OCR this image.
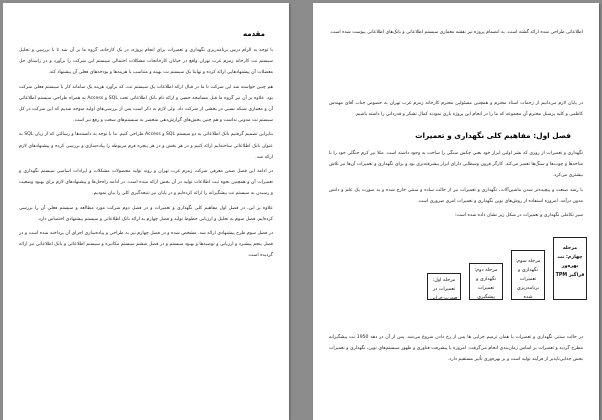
مقدمه

با توجه به الزام درس برنامه‌ریزی نگهداری و تعمیرات برای انجام پروژه، در یک کارخانه، گروه ما بر آن شد تا با بررسی و تحلیل سیستم نت کارخانه زمزم غرب تهران واقع در خیابان کارخانجات مشکلات احتمالی سیستم این شرکت را برآورد و در راستای حل معضلات آن پیشنهادهایی ارائه کرده و نهایتا یک سیستم نت بهینه و متناسب با هزینه‌ها و بودجه‌های فعلی آن پیشنهاد کند.

هم چنین خواسته شد این شرکت تا ما در قبال ارائه اطلاعات یک سیستم نت، که برآورد هزینه یک سامانه کار با سیستم فعلی شرکت بود. علاوه بر آن نیز گروه ما قبل مسامحه حسی و ارائه نام بانک اطلاعاتی تحت SQL و Access به همراه طراحی سیستم اطلاعاتی آن و معماری شبکه نسبی در بخشی از شرکت داد. ولی لازم به ذکر است پس از بررسی‌های اولیه متوجه شدیم که این شرکت در کل سیستم نت مدونی نداشت و هم چنین بخش‌های گزارش‌دهی منحصر به سیستم‌های سخت و رفع نیز است.

بنابراین تصمیم گرفتیم بانک اطلاعاتی به دو سیستم SQL و Access طراحی کنیم. ما با توجه به دانسته‌ها و رسالتی که از زبان SQL به عنوان بانک اطلاعاتی ساخته‌ایم ارائه کنیم و در هر بخش و در هر پنجره فرم مربوطه را پیاده‌سازی و بررسی کرده و پیشنهادهای لازم ارائه شد.

در ادامه این فصل ضمن معرفی شرکت زمزم غرب تهران و روند تولید محصولات مشکلات و ایرادات اساسی سیستم نگهداری و تعمیرات آن و همچنین نحوه ثبت اطلاعات تولید در آن بخش ارائه شده است. در ادامه راه‌حل‌ها و پیشنهادهای لازم برای بهبود وضعیت و رسیدن به سیستم نت پیشگیرانه را ارائه کرده‌ایم و در پایان نیز نتیجه‌گیری کلی را بیان نمودیم.

علاوه بر این، در فصل اول مفاهیم کلی نگهداری و تعمیرات و در فصل دوم شرکت مورد مطالعه و سیستم فعلی آن را بررسی کرده‌ایم. فصل سوم به تحلیل و ارزیابی خطوط تولید و فصل چهارم به ارائه بانک اطلاعاتی و سیستم پیشنهادی اختصاص دارد.

در فصل سوم طرح پیشنهادی ارائه شد. مشخص شده و در فصل چهارم نیز به طراحی و پیاده‌سازی اجزای آن پرداخته شده است و در فصل پنجم پیشبرد و ارزیابی و توصیه‌ها و بهبود سیستم و در فصل ششم سیستم مکانیزه و سیستم اطلاعاتی و بانک اطلاعاتی نیز ارائه گردیده است.

اطلاعاتی طراحی شده ارائه گشته است. به انضمام پروژه نیز نقشه معماری سیستم اطلاعاتی و بانک‌های اطلاعاتی پیوست شده است.

در پایان لازم می‌دانیم از زحمات استاد محترم و همچنین مسئولین محترم کارخانه زمزم غرب تهران به خصوص جناب آقای مهندس کاظمی و کلیه پرسنل محترم آن مجموعه که ما را در انجام این پروژه یاری نمودند کمال تشکر و قدردانی را داشته باشیم.

فصل اول: مفاهیم کلی نگهداری و تعمیرات

نگهداری و تعمیرات از روزی که بشر اولین ابزار خود یعنی چکش سنگی را ساخت به وجود داشته است. مثلا نیز کرم جنگلی خود را با شاخه‌ها و چوب‌ها و سنگ‌ها تعمیر می‌کند. کارگر قرون وسطایی دارای ابزار پیشرفته‌تری بود و برای نگهداری و تعمیرات آن‌ها نیز تلاش بیشتری می‌کرد.

با رشد صنعت و پیچیده‌تر شدن ماشین‌آلات، نگهداری و تعمیرات نیز از حالت ساده و سنتی خارج شده و به صورت یک علم و دانش مدون درآمد. امروزه استفاده از روش‌های نوین نگهداری و تعمیرات امری ضروری است.

سیر تکاملی نگهداری و تعمیرات در شکل زیر نشان داده شده است:

مرحله چهارم: نت بهره‌ور فراگیر TPM
مرحله سوم: نگهداری و تعمیرات برنامه‌ریزی شده
مرحله دوم: نگهداری و تعمیرات پیشگیری
مرحله اول: تعمیرات در صورت خرابی

در حالت سنتی نگهداری و تعمیرات یا همان ترمیم خرابی ها پس از رخ دادن شروع می‌شد. پس از آن در دهه 1950 نت پیشگیرانه مطرح گردید و تعمیرات بر اساس زمان‌بندی انجام می‌گرفت. امروزه با پیشرفت فناوری و ظهور سیستم‌های نوین، نگهداری و تعمیرات بخش جدایی‌ناپذیر از فرآیند تولید است و بر بهره‌وری تأثیر مستقیم دارد.
